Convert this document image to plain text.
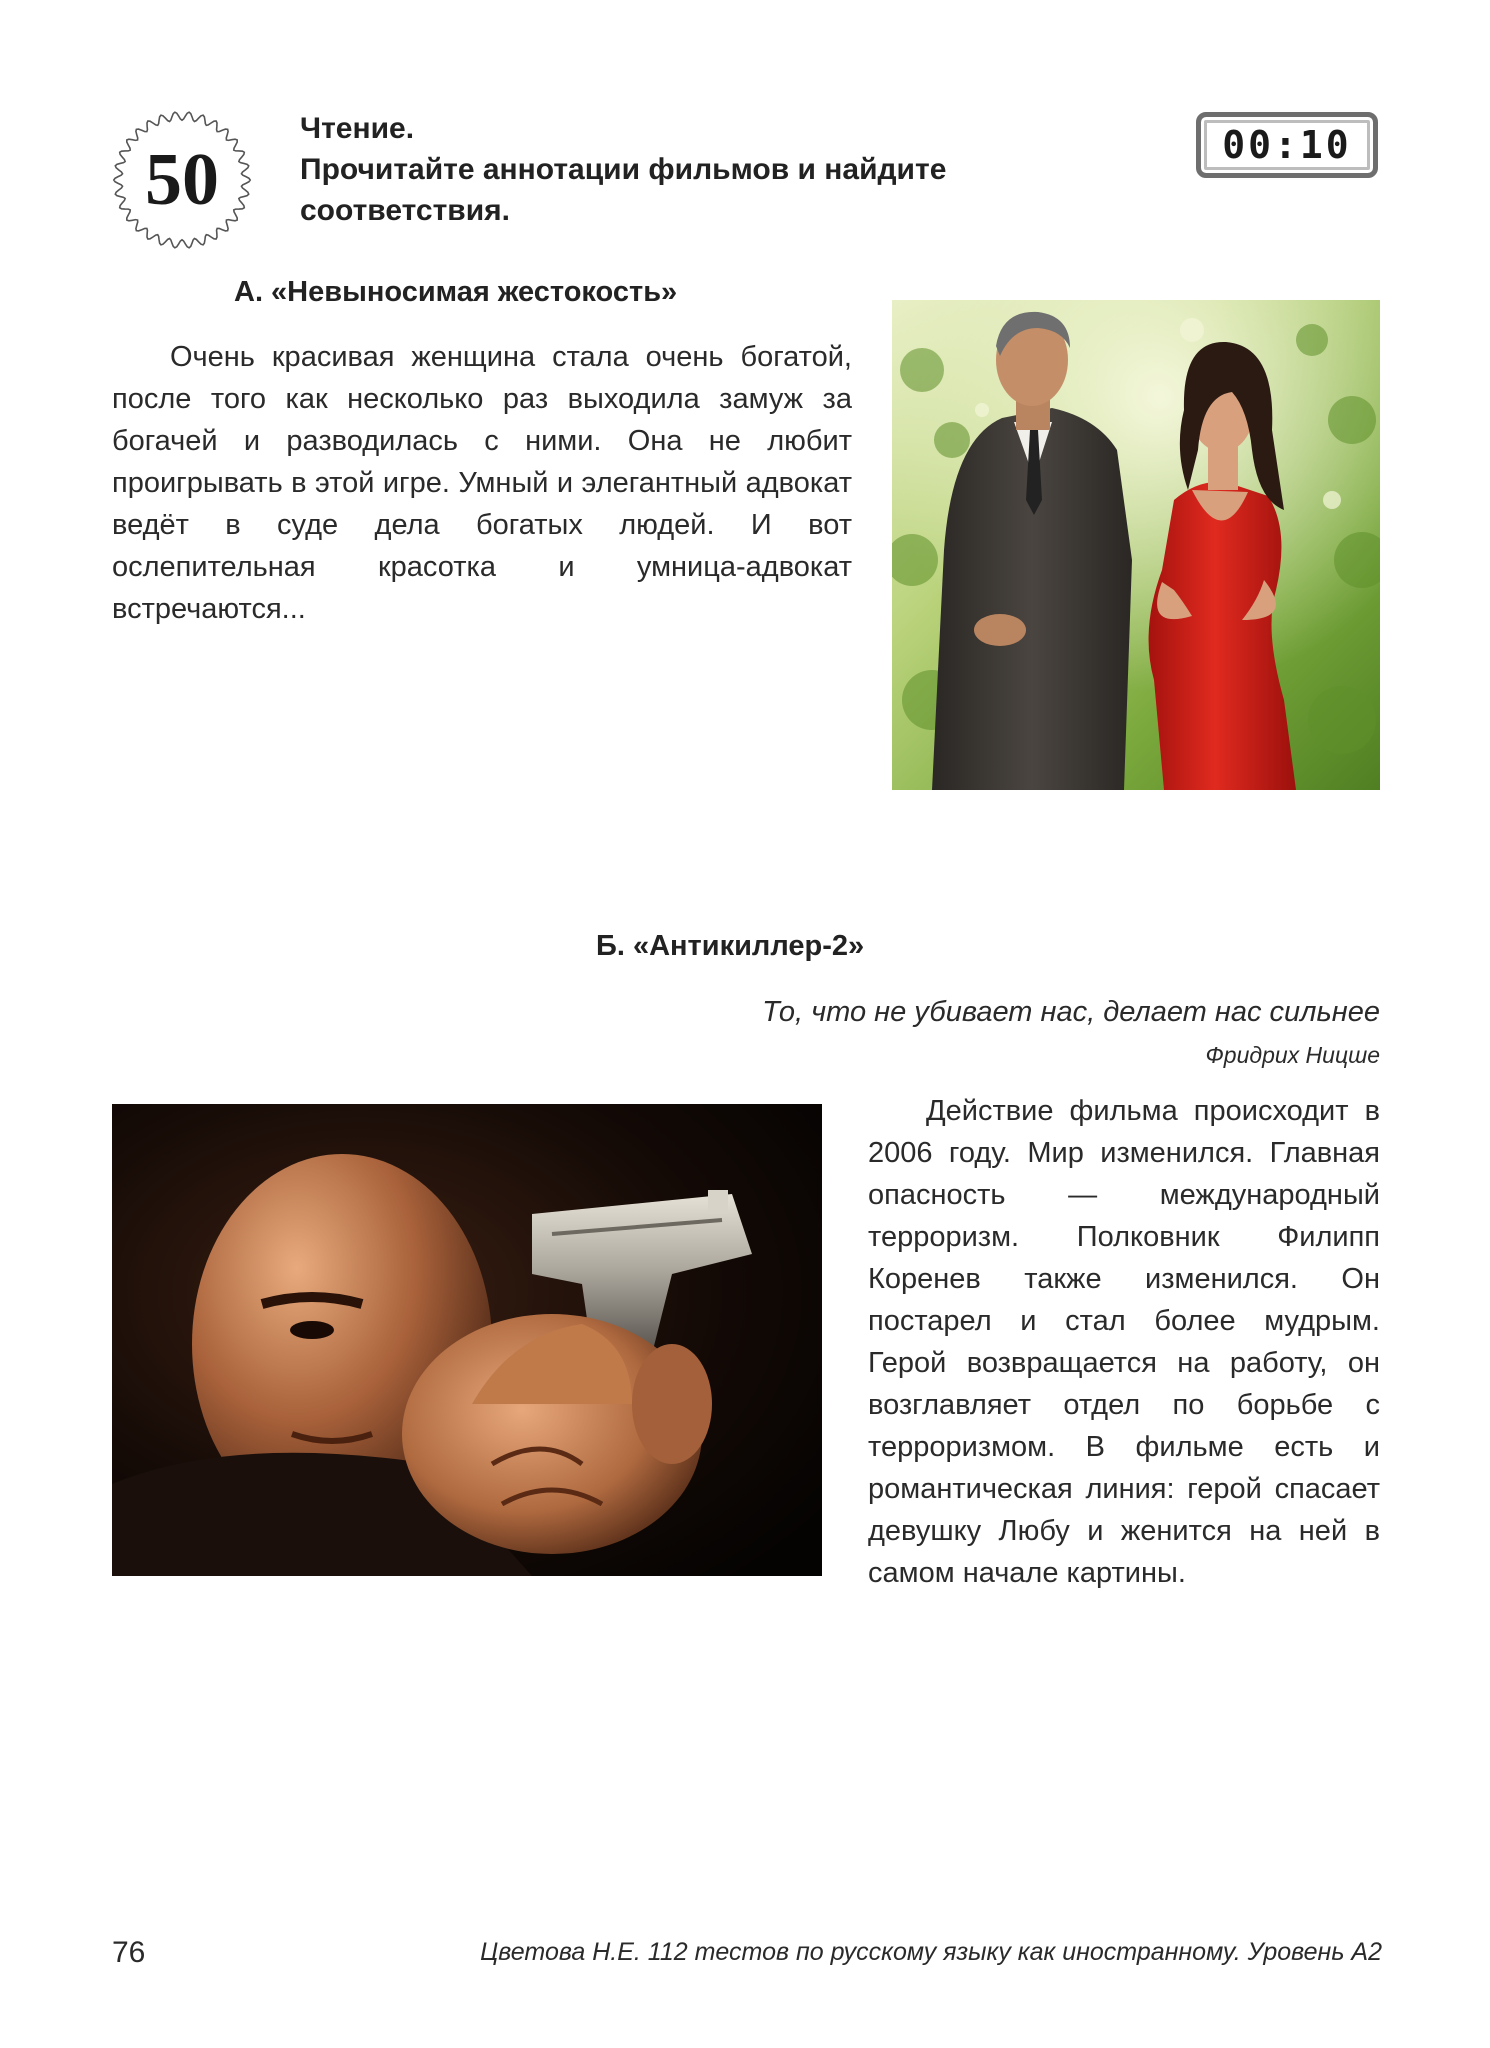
50
Чтение.
Прочитайте аннотации фильмов и найдите
соответствия.
00:10
А. «Невыносимая жестокость»

Очень красивая женщина стала очень богатой, после того как несколько раз выходила замуж за богачей и разводилась с ними. Она не любит проигрывать в этой игре. Умный и элегантный адвокат ведёт в суде дела богатых людей. И вот ослепительная красотка и умница-адвокат встречаются...

Б. «Антикиллер-2»
То, что не убивает нас, делает нас сильнее
Фридрих Ницше

Действие фильма происходит в 2006 году. Мир изменился. Главная опасность — международный терроризм. Полковник Филипп Коренев также изменился. Он постарел и стал более мудрым. Герой возвращается на работу, он возглавляет отдел по борьбе с терроризмом. В фильме есть и романтическая линия: герой спасает девушку Любу и женится на ней в самом начале картины.

76	Цветова Н.Е. 112 тестов по русскому языку как иностранному. Уровень А2
